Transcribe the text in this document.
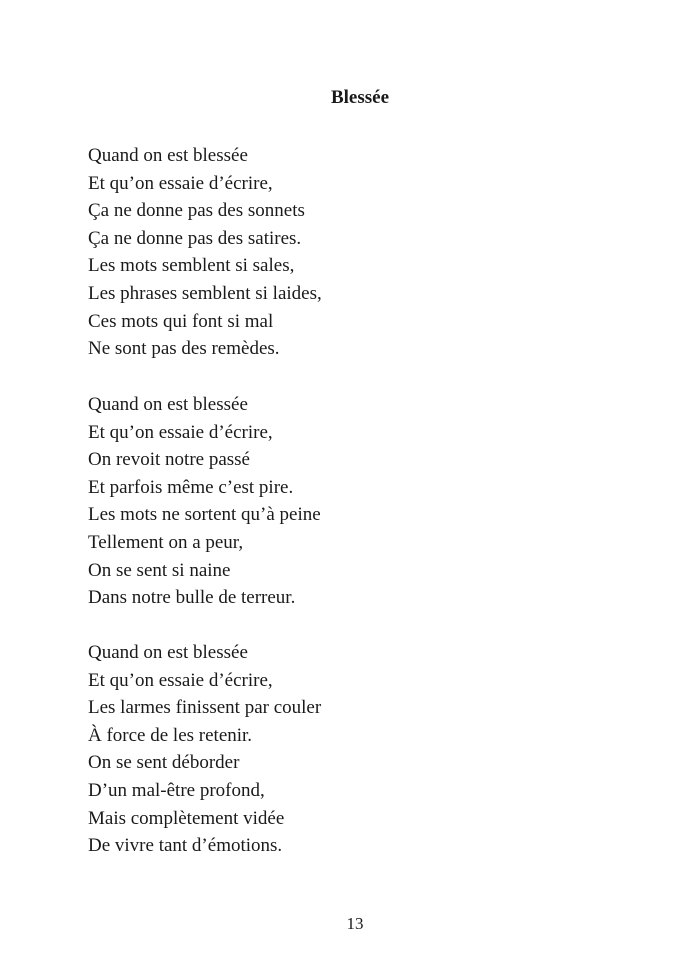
Blessée
Quand on est blessée
Et qu’on essaie d’écrire,
Ça ne donne pas des sonnets
Ça ne donne pas des satires.
Les mots semblent si sales,
Les phrases semblent si laides,
Ces mots qui font si mal
Ne sont pas des remèdes.
Quand on est blessée
Et qu’on essaie d’écrire,
On revoit notre passé
Et parfois même c’est pire.
Les mots ne sortent qu’à peine
Tellement on a peur,
On se sent si naine
Dans notre bulle de terreur.
Quand on est blessée
Et qu’on essaie d’écrire,
Les larmes finissent par couler
À force de les retenir.
On se sent déborder
D’un mal-être profond,
Mais complètement vidée
De vivre tant d’émotions.
13
